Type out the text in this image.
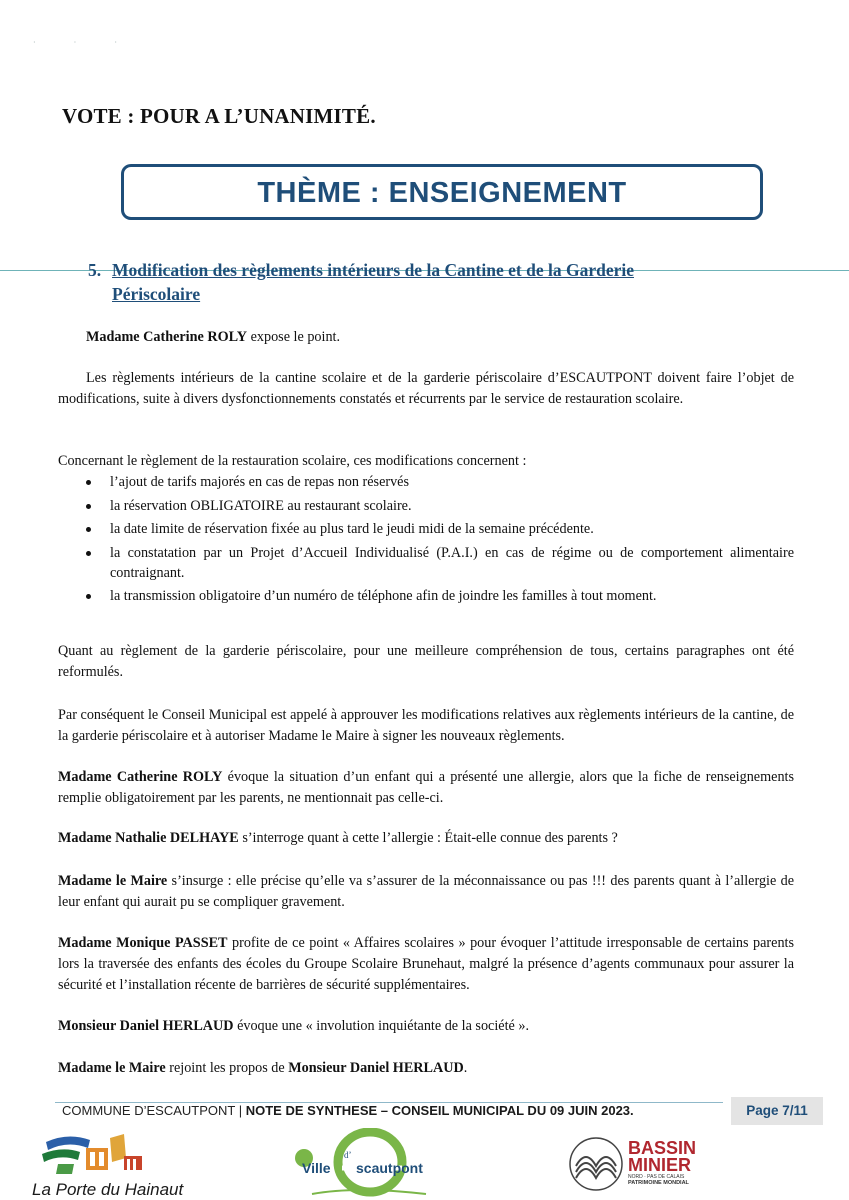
· · ·
VOTE : POUR A L’UNANIMITÉ.
THÈME : ENSEIGNEMENT
5. Modification des règlements intérieurs de la Cantine et de la Garderie
Périscolaire

Madame Catherine ROLY expose le point.

Les règlements intérieurs de la cantine scolaire et de la garderie périscolaire d’ESCAUTPONT doivent faire l’objet de modifications, suite à divers dysfonctionnements constatés et récurrents par le service de restauration scolaire.

Concernant le règlement de la restauration scolaire, ces modifications concernent :

l’ajout de tarifs majorés en cas de repas non réservés
la réservation OBLIGATOIRE au restaurant scolaire.
la date limite de réservation fixée au plus tard le jeudi midi de la semaine précédente.
la constatation par un Projet d’Accueil Individualisé (P.A.I.) en cas de régime ou de comportement alimentaire contraignant.
la transmission obligatoire d’un numéro de téléphone afin de joindre les familles à tout moment.

Quant au règlement de la garderie périscolaire, pour une meilleure compréhension de tous, certains paragraphes ont été reformulés.

Par conséquent le Conseil Municipal est appelé à approuver les modifications relatives aux règlements intérieurs de la cantine, de la garderie périscolaire et à autoriser Madame le Maire à signer les nouveaux règlements.

Madame Catherine ROLY évoque la situation d’un enfant qui a présenté une allergie, alors que la fiche de renseignements remplie obligatoirement par les parents, ne mentionnait pas celle-ci.

Madame Nathalie DELHAYE s’interroge quant à cette l’allergie : Était-elle connue des parents ?

Madame le Maire s’insurge : elle précise qu’elle va s’assurer de la méconnaissance ou pas !!! des parents quant à l’allergie de leur enfant qui aurait pu se compliquer gravement.

Madame Monique PASSET profite de ce point « Affaires scolaires » pour évoquer l’attitude irresponsable de certains parents lors la traversée des enfants des écoles du Groupe Scolaire Brunehaut, malgré la présence d’agents communaux pour assurer la sécurité et l’installation récente de barrières de sécurité supplémentaires.

Monsieur Daniel HERLAUD évoque une « involution inquiétante de la société ».

Madame le Maire rejoint les propos de Monsieur Daniel HERLAUD.

COMMUNE D’ESCAUTPONT | NOTE DE SYNTHESE – CONSEIL MUNICIPAL DU 09 JUIN 2023.	Page 7/11
La Porte du Hainaut
Ville
d’
scautpont
BASSIN
MINIER
NORD · PAS DE CALAIS
PATRIMOINE MONDIAL
